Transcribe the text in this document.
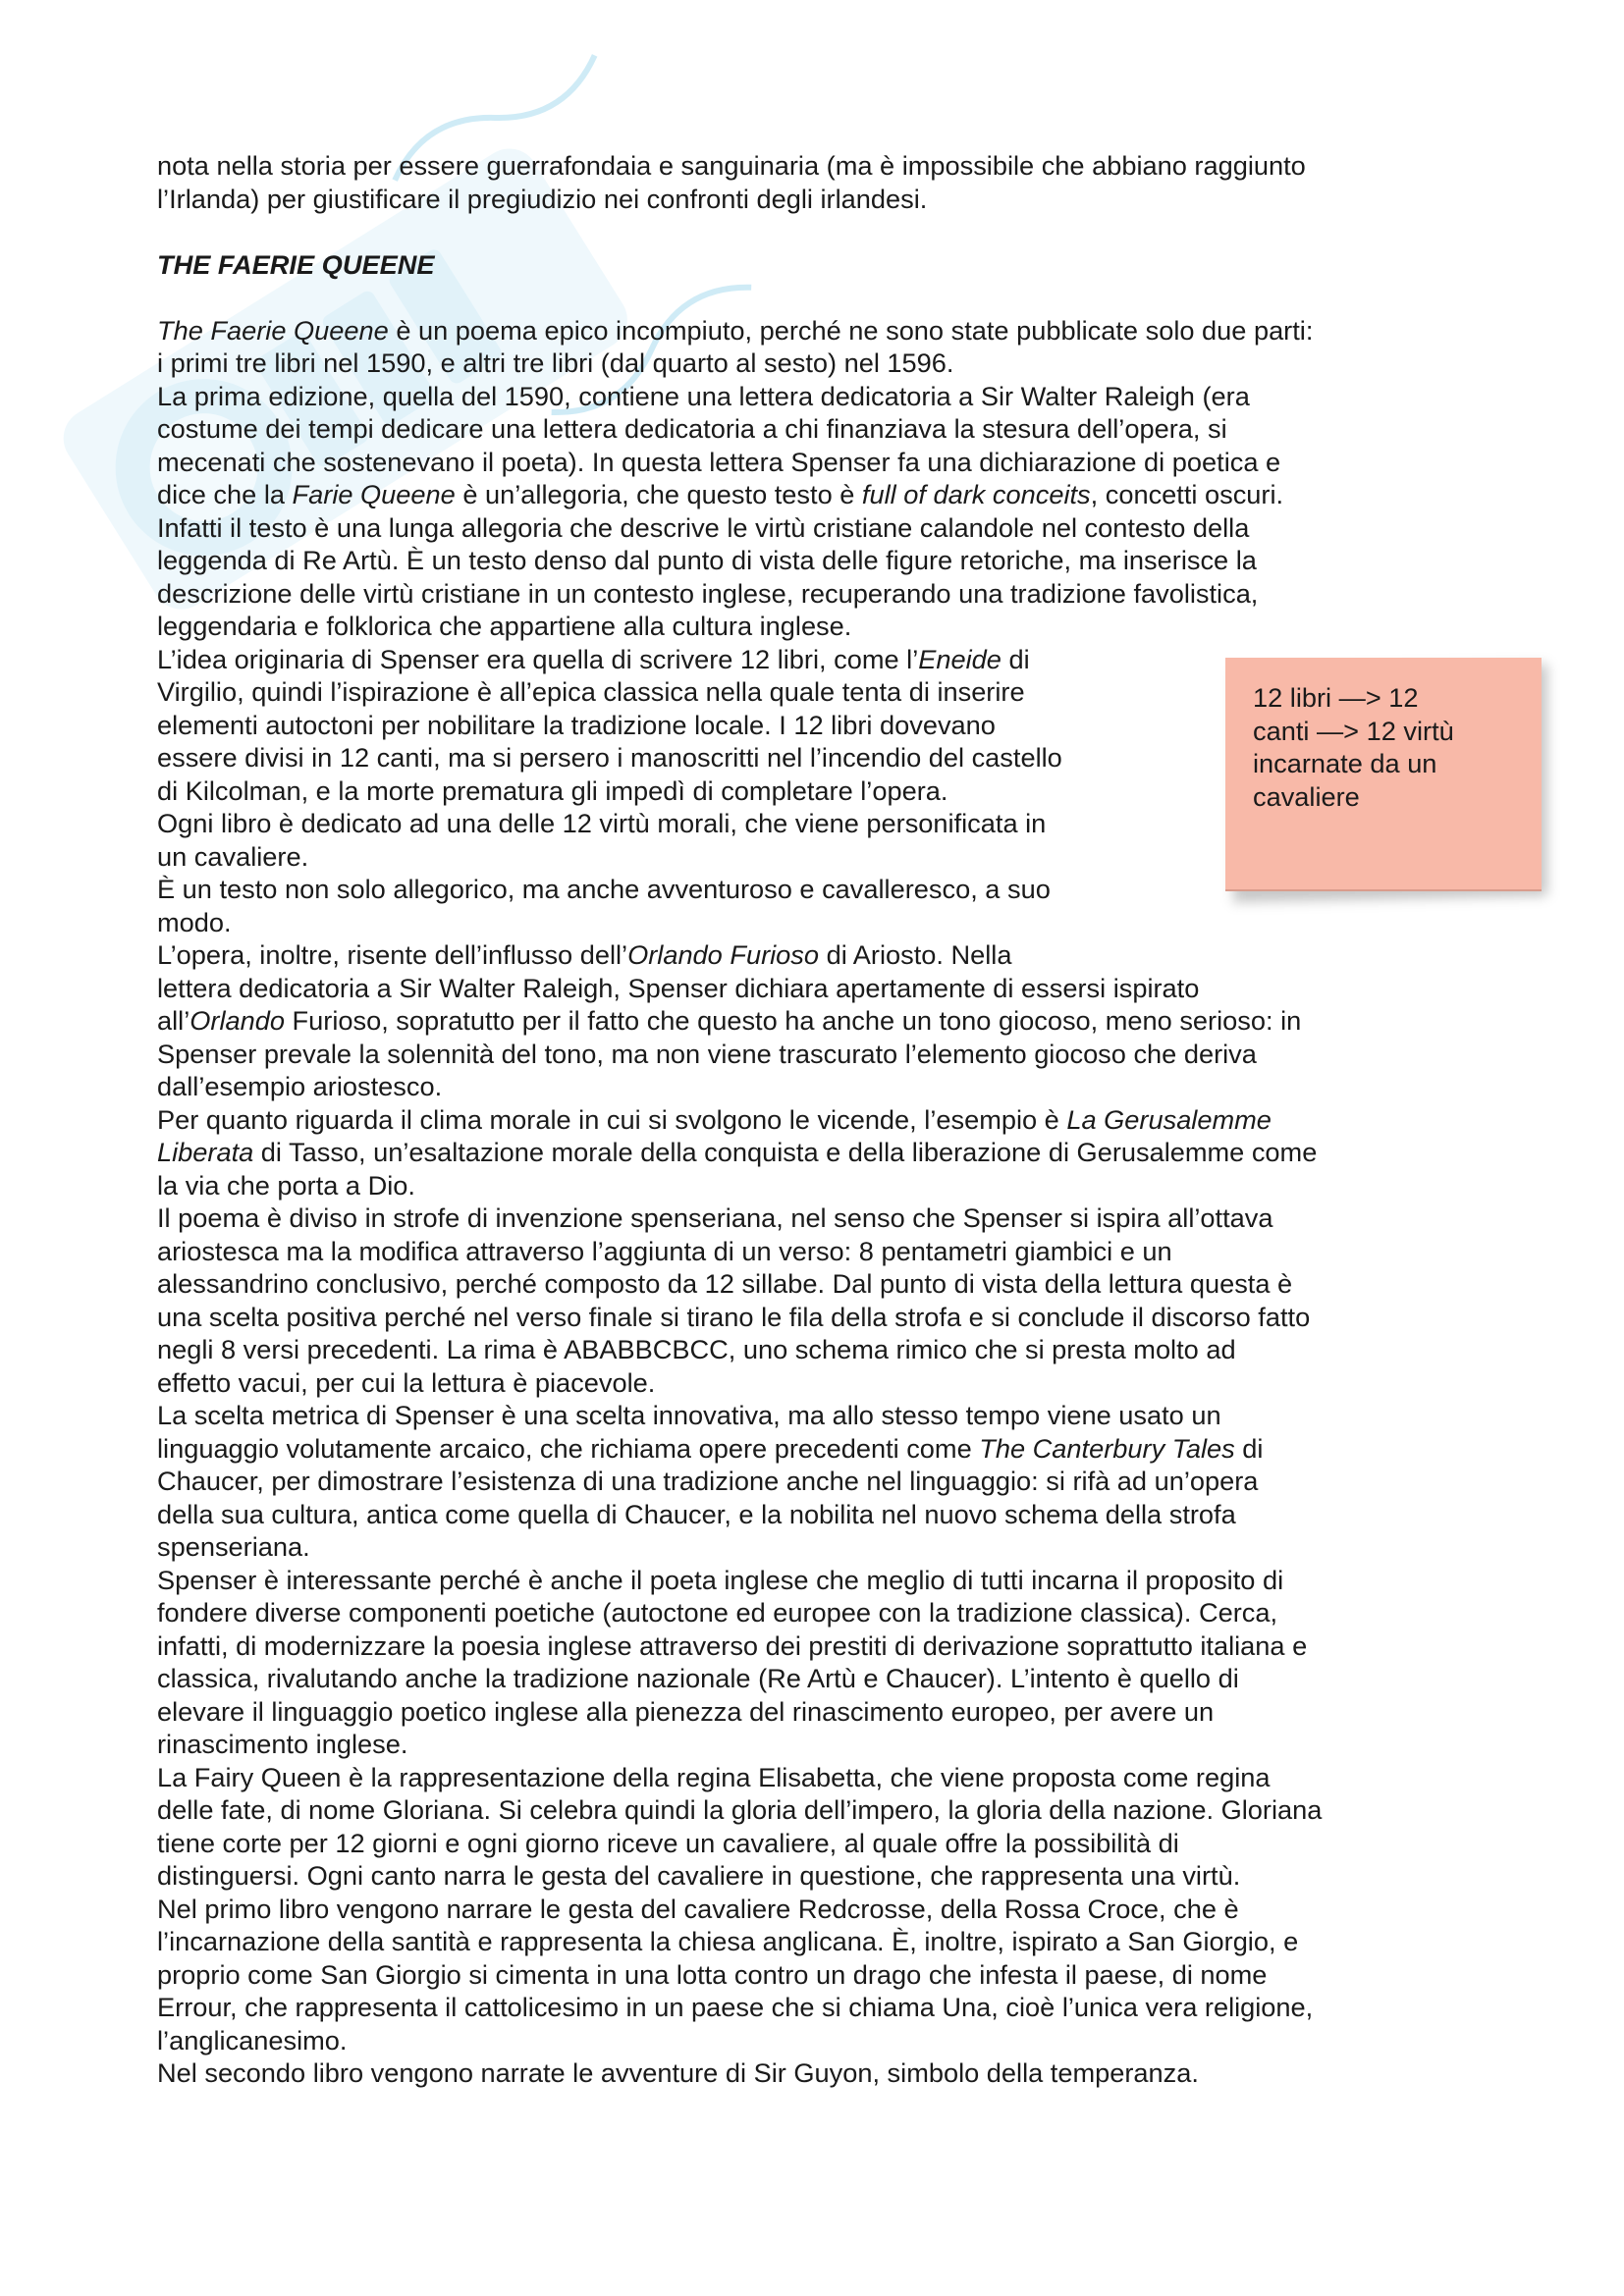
nota nella storia per essere guerrafondaia e sanguinaria (ma è impossibile che abbiano raggiunto
l’Irlanda) per giustificare il pregiudizio nei confronti degli irlandesi.

THE FAERIE QUEENE

The Faerie Queene è un poema epico incompiuto, perché ne sono state pubblicate solo due parti:
i primi tre libri nel 1590, e altri tre libri (dal quarto al sesto) nel 1596.

La prima edizione, quella del 1590, contiene una lettera dedicatoria a Sir Walter Raleigh (era
costume dei tempi dedicare una lettera dedicatoria a chi finanziava la stesura dell’opera, si
mecenati che sostenevano il poeta). In questa lettera Spenser fa una dichiarazione di poetica e
dice che la Farie Queene è un’allegoria, che questo testo è full of dark conceits, concetti oscuri.
Infatti il testo è una lunga allegoria che descrive le virtù cristiane calandole nel contesto della
leggenda di Re Artù. È un testo denso dal punto di vista delle figure retoriche, ma inserisce la
descrizione delle virtù cristiane in un contesto inglese, recuperando una tradizione favolistica,
leggendaria e folklorica che appartiene alla cultura inglese.

L’idea originaria di Spenser era quella di scrivere 12 libri, come l’Eneide di
Virgilio, quindi l’ispirazione è all’epica classica nella quale tenta di inserire
elementi autoctoni per nobilitare la tradizione locale. I 12 libri dovevano
essere divisi in 12 canti, ma si persero i manoscritti nel l’incendio del castello
di Kilcolman, e la morte prematura gli impedì di completare l’opera.

Ogni libro è dedicato ad una delle 12 virtù morali, che viene personificata in
un cavaliere.

È un testo non solo allegorico, ma anche avventuroso e cavalleresco, a suo
modo.

L’opera, inoltre, risente dell’influsso dell’Orlando Furioso di Ariosto. Nella
lettera dedicatoria a Sir Walter Raleigh, Spenser dichiara apertamente di essersi ispirato
all’Orlando Furioso, sopratutto per il fatto che questo ha anche un tono giocoso, meno serioso: in
Spenser prevale la solennità del tono, ma non viene trascurato l’elemento giocoso che deriva
dall’esempio ariostesco.

Per quanto riguarda il clima morale in cui si svolgono le vicende, l’esempio è La Gerusalemme
Liberata di Tasso, un’esaltazione morale della conquista e della liberazione di Gerusalemme come
la via che porta a Dio.

Il poema è diviso in strofe di invenzione spenseriana, nel senso che Spenser si ispira all’ottava
ariostesca ma la modifica attraverso l’aggiunta di un verso: 8 pentametri giambici e un
alessandrino conclusivo, perché composto da 12 sillabe. Dal punto di vista della lettura questa è
una scelta positiva perché nel verso finale si tirano le fila della strofa e si conclude il discorso fatto
negli 8 versi precedenti. La rima è ABABBCBCC, uno schema rimico che si presta molto ad
effetto vacui, per cui la lettura è piacevole.

La scelta metrica di Spenser è una scelta innovativa, ma allo stesso tempo viene usato un
linguaggio volutamente arcaico, che richiama opere precedenti come The Canterbury Tales di
Chaucer, per dimostrare l’esistenza di una tradizione anche nel linguaggio: si rifà ad un’opera
della sua cultura, antica come quella di Chaucer, e la nobilita nel nuovo schema della strofa
spenseriana.

Spenser è interessante perché è anche il poeta inglese che meglio di tutti incarna il proposito di
fondere diverse componenti poetiche (autoctone ed europee con la tradizione classica). Cerca,
infatti, di modernizzare la poesia inglese attraverso dei prestiti di derivazione soprattutto italiana e
classica, rivalutando anche la tradizione nazionale (Re Artù e Chaucer). L’intento è quello di
elevare il linguaggio poetico inglese alla pienezza del rinascimento europeo, per avere un
rinascimento inglese.

La Fairy Queen è la rappresentazione della regina Elisabetta, che viene proposta come regina
delle fate, di nome Gloriana. Si celebra quindi la gloria dell’impero, la gloria della nazione. Gloriana
tiene corte per 12 giorni e ogni giorno riceve un cavaliere, al quale offre la possibilità di
distinguersi. Ogni canto narra le gesta del cavaliere in questione, che rappresenta una virtù.

Nel primo libro vengono narrare le gesta del cavaliere Redcrosse, della Rossa Croce, che è
l’incarnazione della santità e rappresenta la chiesa anglicana. È, inoltre, ispirato a San Giorgio, e
proprio come San Giorgio si cimenta in una lotta contro un drago che infesta il paese, di nome
Errour, che rappresenta il cattolicesimo in un paese che si chiama Una, cioè l’unica vera religione,
l’anglicanesimo.

Nel secondo libro vengono narrate le avventure di Sir Guyon, simbolo della temperanza.

12 libri —> 12
canti —> 12 virtù
incarnate da un
cavaliere
